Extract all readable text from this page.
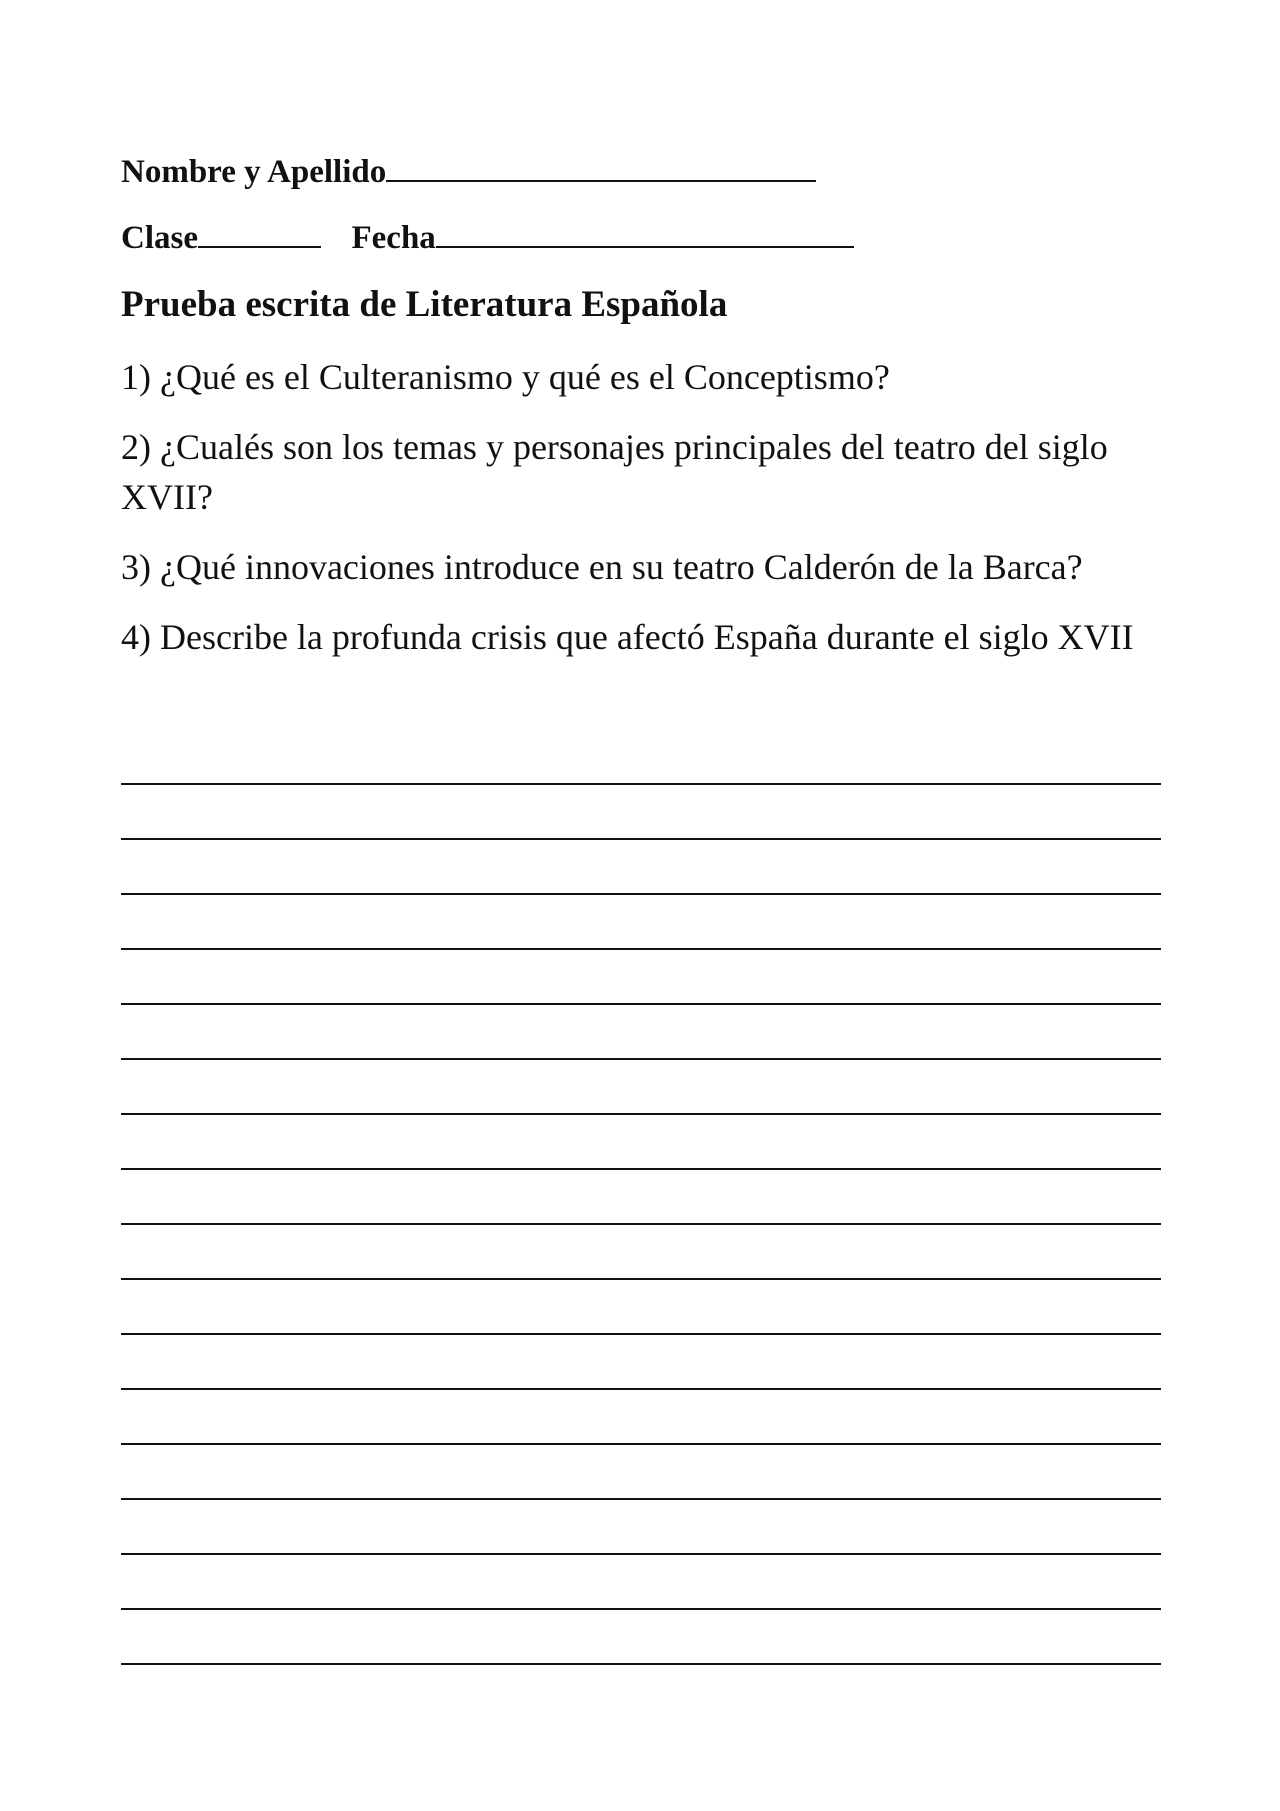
Nombre y Apellido
Clase	Fecha
Prueba escrita de Literatura Española

1) ¿Qué es el Culteranismo y qué es el Conceptismo?

2) ¿Cualés son los temas y personajes principales del teatro del siglo XVII?

3) ¿Qué innovaciones introduce en su teatro Calderón de la Barca?

4) Describe la profunda crisis que afectó España durante el siglo XVII
